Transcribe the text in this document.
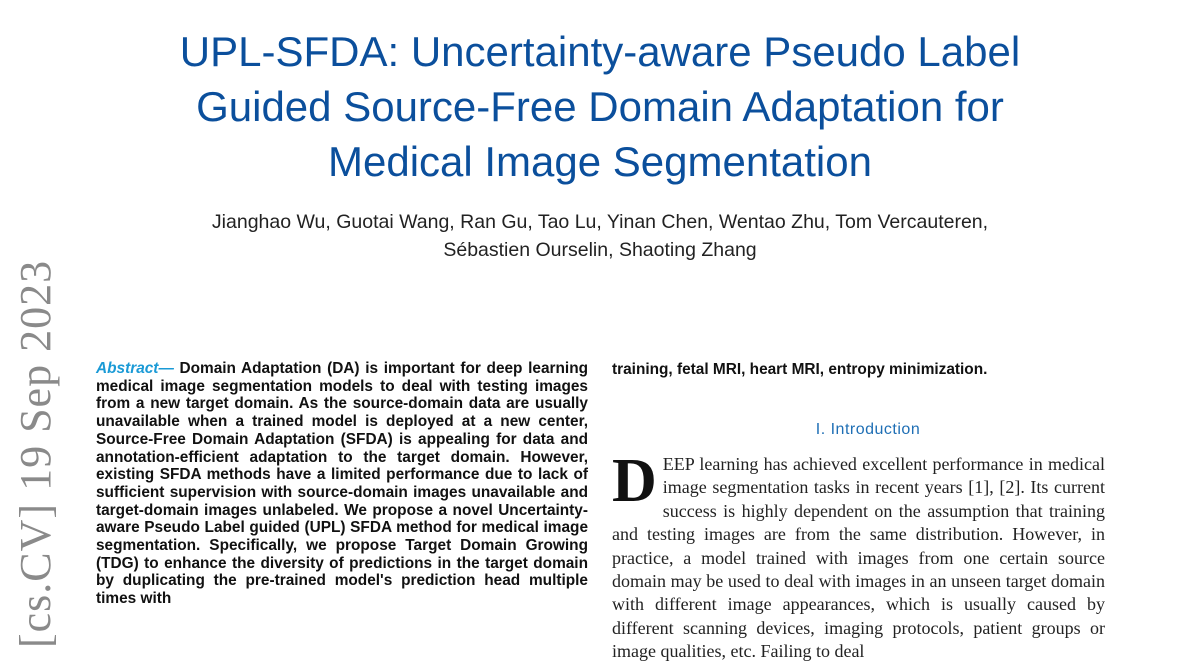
[cs.CV] 19 Sep 2023
UPL-SFDA: Uncertainty-aware Pseudo Label
Guided Source-Free Domain Adaptation for
Medical Image Segmentation
Jianghao Wu, Guotai Wang, Ran Gu, Tao Lu, Yinan Chen, Wentao Zhu, Tom Vercauteren,
Sébastien Ourselin, Shaoting Zhang

Abstract— Domain Adaptation (DA) is important for deep learning medical image segmentation models to deal with testing images from a new target domain. As the source-domain data are usually unavailable when a trained model is deployed at a new center, Source-Free Domain Adaptation (SFDA) is appealing for data and annotation-efficient adaptation to the target domain. However, existing SFDA methods have a limited performance due to lack of sufficient supervision with source-domain images unavailable and target-domain images unlabeled. We propose a novel Uncertainty-aware Pseudo Label guided (UPL) SFDA method for medical image segmentation. Specifically, we propose Target Domain Growing (TDG) to enhance the diversity of predictions in the target domain by duplicating the pre-trained model's prediction head multiple times with

training, fetal MRI, heart MRI, entropy minimization.

I. Introduction

DEEP learning has achieved excellent performance in medical image segmentation tasks in recent years [1], [2]. Its current success is highly dependent on the assumption that training and testing images are from the same distribution. However, in practice, a model trained with images from one certain source domain may be used to deal with images in an unseen target domain with different image appearances, which is usually caused by different scanning devices, imaging protocols, patient groups or image qualities, etc. Failing to deal
